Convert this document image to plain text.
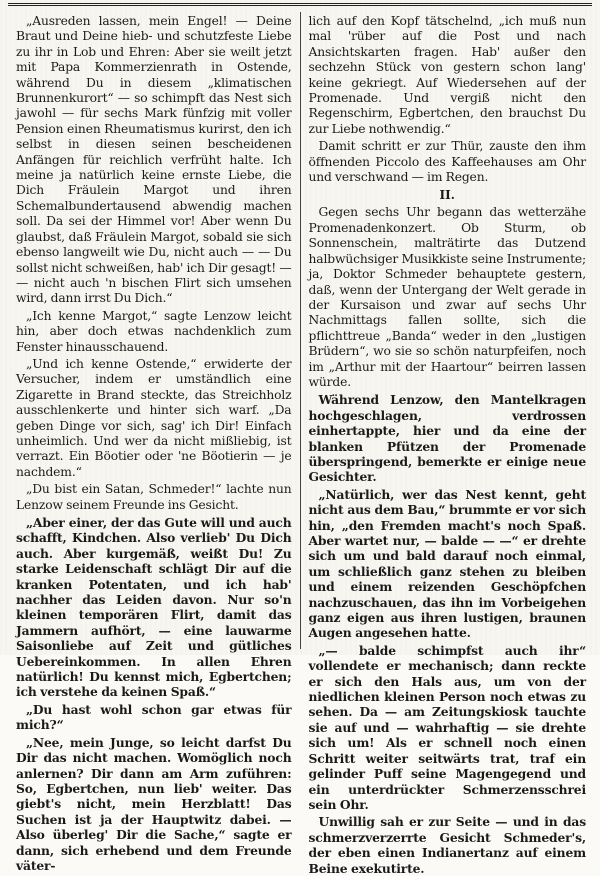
„Ausreden lassen, mein Engel! — Deine Braut und Deine hieb- und schutzfeste Liebe zu ihr in Lob und Ehren: Aber sie weilt jetzt mit Papa Kommerzienrath in Ostende, während Du in diesem „klimatischen Brunnenkurort“ — so schimpft das Nest sich jawohl — für sechs Mark fünfzig mit voller Pension einen Rheumatismus kurirst, den ich selbst in diesen seinen bescheidenen Anfängen für reichlich verfrüht halte. Ich meine ja natürlich keine ernste Liebe, die Dich Fräulein Margot und ihren Schemalbundertausend abwendig machen soll. Da sei der Himmel vor! Aber wenn Du glaubst, daß Fräulein Margot, sobald sie sich ebenso langweilt wie Du, nicht auch — — Du sollst nicht schweißen, hab' ich Dir gesagt! — — nicht auch 'n bischen Flirt sich umsehen wird, dann irrst Du Dich.“

„Ich kenne Margot,“ sagte Lenzow leicht hin, aber doch etwas nachdenklich zum Fenster hinausschauend.

„Und ich kenne Ostende,“ erwiderte der Versucher, indem er umständlich eine Zigarette in Brand steckte, das Streichholz ausschlenkerte und hinter sich warf. „Da geben Dinge vor sich, sag' ich Dir! Einfach unheimlich. Und wer da nicht mißliebig, ist verrazt. Ein Böotier oder 'ne Böotierin — je nachdem.“

„Du bist ein Satan, Schmeder!“ lachte nun Lenzow seinem Freunde ins Gesicht.

„Aber einer, der das Gute will und auch schafft, Kindchen. Also verlieb' Du Dich auch. Aber kurgemäß, weißt Du! Zu starke Leidenschaft schlägt Dir auf die kranken Potentaten, und ich hab' nachher das Leiden davon. Nur so'n kleinen temporären Flirt, damit das Jammern aufhört, — eine lauwarme Saisonliebe auf Zeit und gütliches Uebereinkommen. In allen Ehren natürlich! Du kennst mich, Egbertchen; ich verstehe da keinen Spaß.“

„Du hast wohl schon gar etwas für mich?“

„Nee, mein Junge, so leicht darfst Du Dir das nicht machen. Womöglich noch anlernen? Dir dann am Arm zuführen: So, Egbertchen, nun lieb' weiter. Das giebt's nicht, mein Herzblatt! Das Suchen ist ja der Hauptwitz dabei. — Also überleg' Dir die Sache,“ sagte er dann, sich erhebend und dem Freunde väter-

lich auf den Kopf tätschelnd, „ich muß nun mal 'rüber auf die Post und nach Ansichtskarten fragen. Hab' außer den sechzehn Stück von gestern schon lang' keine gekriegt. Auf Wiedersehen auf der Promenade. Und vergiß nicht den Regenschirm, Egbertchen, den brauchst Du zur Liebe nothwendig.“

Damit schritt er zur Thür, zauste den ihm öffnenden Piccolo des Kaffeehauses am Ohr und verschwand — im Regen.

II.

Gegen sechs Uhr begann das wetterzähe Promenadenkonzert. Ob Sturm, ob Sonnenschein, malträtirte das Dutzend halbwüchsiger Musikkiste seine Instrumente; ja, Doktor Schmeder behauptete gestern, daß, wenn der Untergang der Welt gerade in der Kursaison und zwar auf sechs Uhr Nachmittags fallen sollte, sich die pflichttreue „Banda“ weder in den „lustigen Brüdern“, wo sie so schön naturpfeifen, noch im „Arthur mit der Haartour“ beirren lassen würde.

Während Lenzow, den Mantelkragen hochgeschlagen, verdrossen einhertappte, hier und da eine der blanken Pfützen der Promenade überspringend, bemerkte er einige neue Gesichter.

„Natürlich, wer das Nest kennt, geht nicht aus dem Bau,“ brummte er vor sich hin, „den Fremden macht's noch Spaß. Aber wartet nur, — balde — —“ er drehte sich um und bald darauf noch einmal, um schließlich ganz stehen zu bleiben und einem reizenden Geschöpfchen nachzuschauen, das ihn im Vorbeigehen ganz eigen aus ihren lustigen, braunen Augen angesehen hatte.

„— balde schimpfst auch ihr“ vollendete er mechanisch; dann reckte er sich den Hals aus, um von der niedlichen kleinen Person noch etwas zu sehen. Da — am Zeitungskiosk tauchte sie auf und — wahrhaftig — sie drehte sich um! Als er schnell noch einen Schritt weiter seitwärts trat, traf ein gelinder Puff seine Magengegend und ein unterdrückter Schmerzensschrei sein Ohr.

Unwillig sah er zur Seite — und in das schmerzverzerrte Gesicht Schmeder's, der eben einen Indianertanz auf einem Beine exekutirte.
